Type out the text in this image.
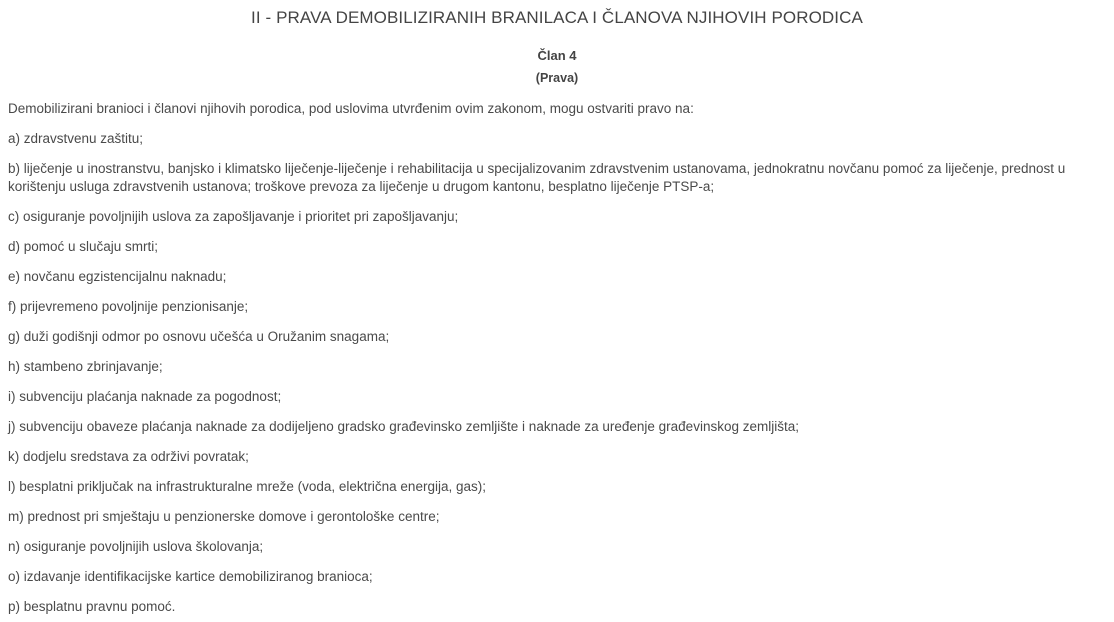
II - PRAVA DEMOBILIZIRANIH BRANILACA I ČLANOVA NJIHOVIH PORODICA
Član 4
(Prava)

Demobilizirani branioci i članovi njihovih porodica, pod uslovima utvrđenim ovim zakonom, mogu ostvariti pravo na:

a) zdravstvenu zaštitu;
b) liječenje u inostranstvu, banjsko i klimatsko liječenje-liječenje i rehabilitacija u specijalizovanim zdravstvenim ustanovama, jednokratnu novčanu pomoć za liječenje, prednost u korištenju usluga zdravstvenih ustanova; troškove prevoza za liječenje u drugom kantonu, besplatno liječenje PTSP-a;
c) osiguranje povoljnijih uslova za zapošljavanje i prioritet pri zapošljavanju;
d) pomoć u slučaju smrti;
e) novčanu egzistencijalnu naknadu;
f) prijevremeno povoljnije penzionisanje;
g) duži godišnji odmor po osnovu učešća u Oružanim snagama;
h) stambeno zbrinjavanje;
i) subvenciju plaćanja naknade za pogodnost;
j) subvenciju obaveze plaćanja naknade za dodijeljeno gradsko građevinsko zemljište i naknade za uređenje građevinskog zemljišta;
k) dodjelu sredstava za održivi povratak;
l) besplatni priključak na infrastrukturalne mreže (voda, električna energija, gas);
m) prednost pri smještaju u penzionerske domove i gerontološke centre;
n) osiguranje povoljnijih uslova školovanja;
o) izdavanje identifikacijske kartice demobiliziranog branioca;
p) besplatnu pravnu pomoć.
